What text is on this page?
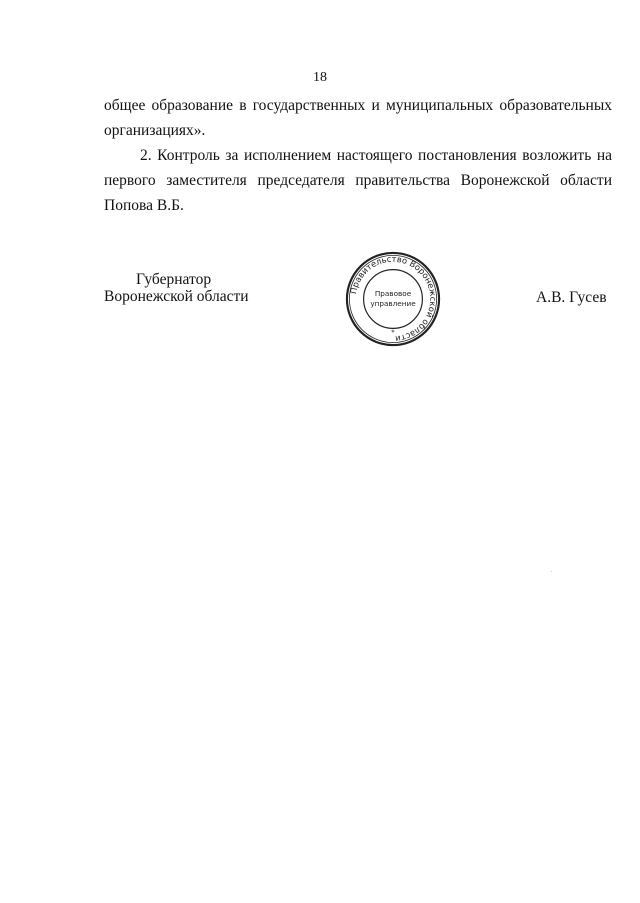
18
общее образование в государственных и муниципальных образовательных
организациях».
2. Контроль за исполнением настоящего постановления возложить на
первого заместителя председателя правительства Воронежской области
Попова В.Б.
Губернатор
Воронежской области	Правительство Воронежской области
Правовое
управление
*
А.В. Гусев
